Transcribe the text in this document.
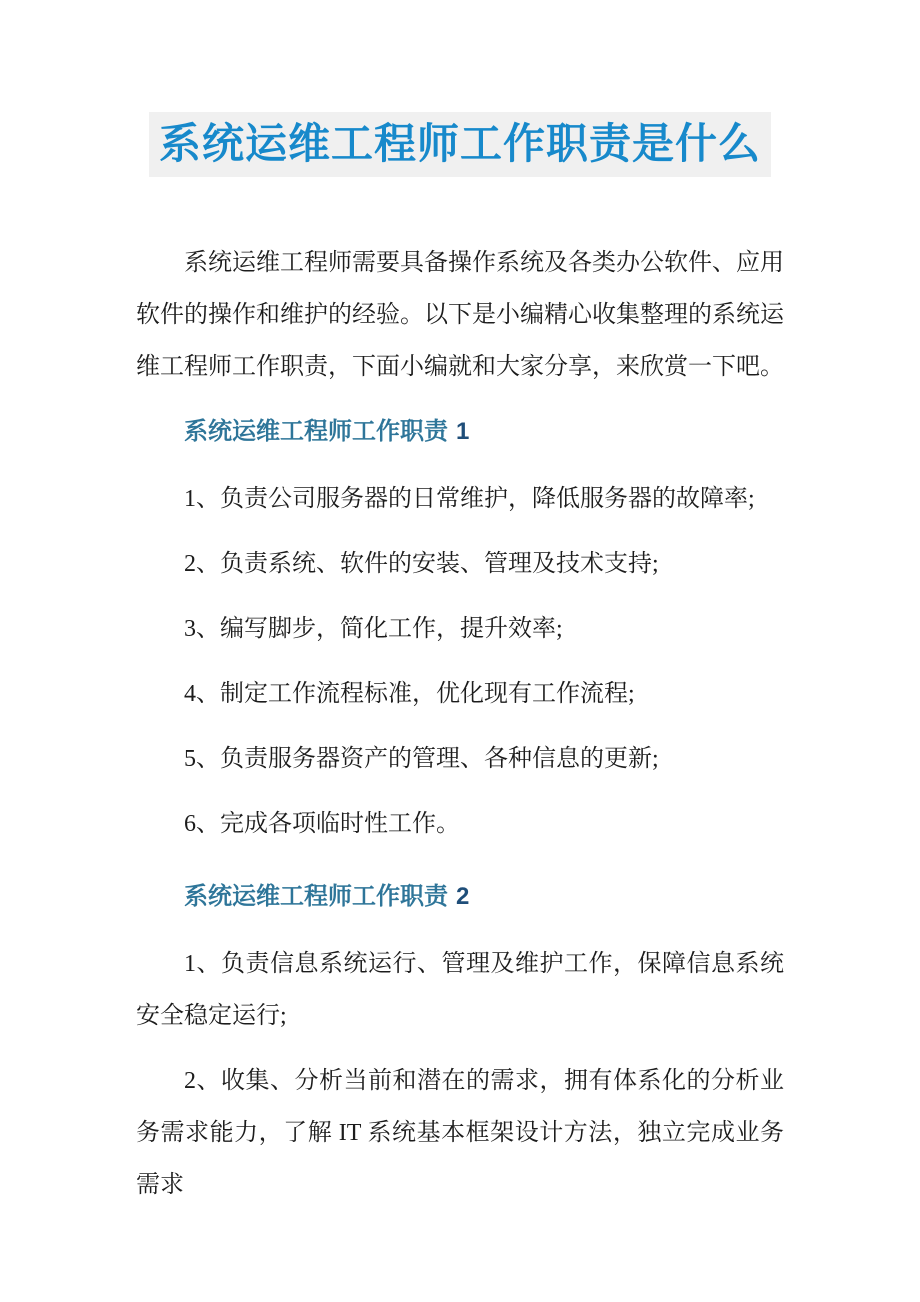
系统运维工程师工作职责是什么

系统运维工程师需要具备操作系统及各类办公软件、应用软件的操作和维护的经验。以下是小编精心收集整理的系统运维工程师工作职责，下面小编就和大家分享，来欣赏一下吧。

系统运维工程师工作职责 1

1、负责公司服务器的日常维护，降低服务器的故障率;

2、负责系统、软件的安装、管理及技术支持;

3、编写脚步，简化工作，提升效率;

4、制定工作流程标准，优化现有工作流程;

5、负责服务器资产的管理、各种信息的更新;

6、完成各项临时性工作。

系统运维工程师工作职责 2

1、负责信息系统运行、管理及维护工作，保障信息系统安全稳定运行;

2、收集、分析当前和潜在的需求，拥有体系化的分析业务需求能力，了解 IT 系统基本框架设计方法，独立完成业务需求
